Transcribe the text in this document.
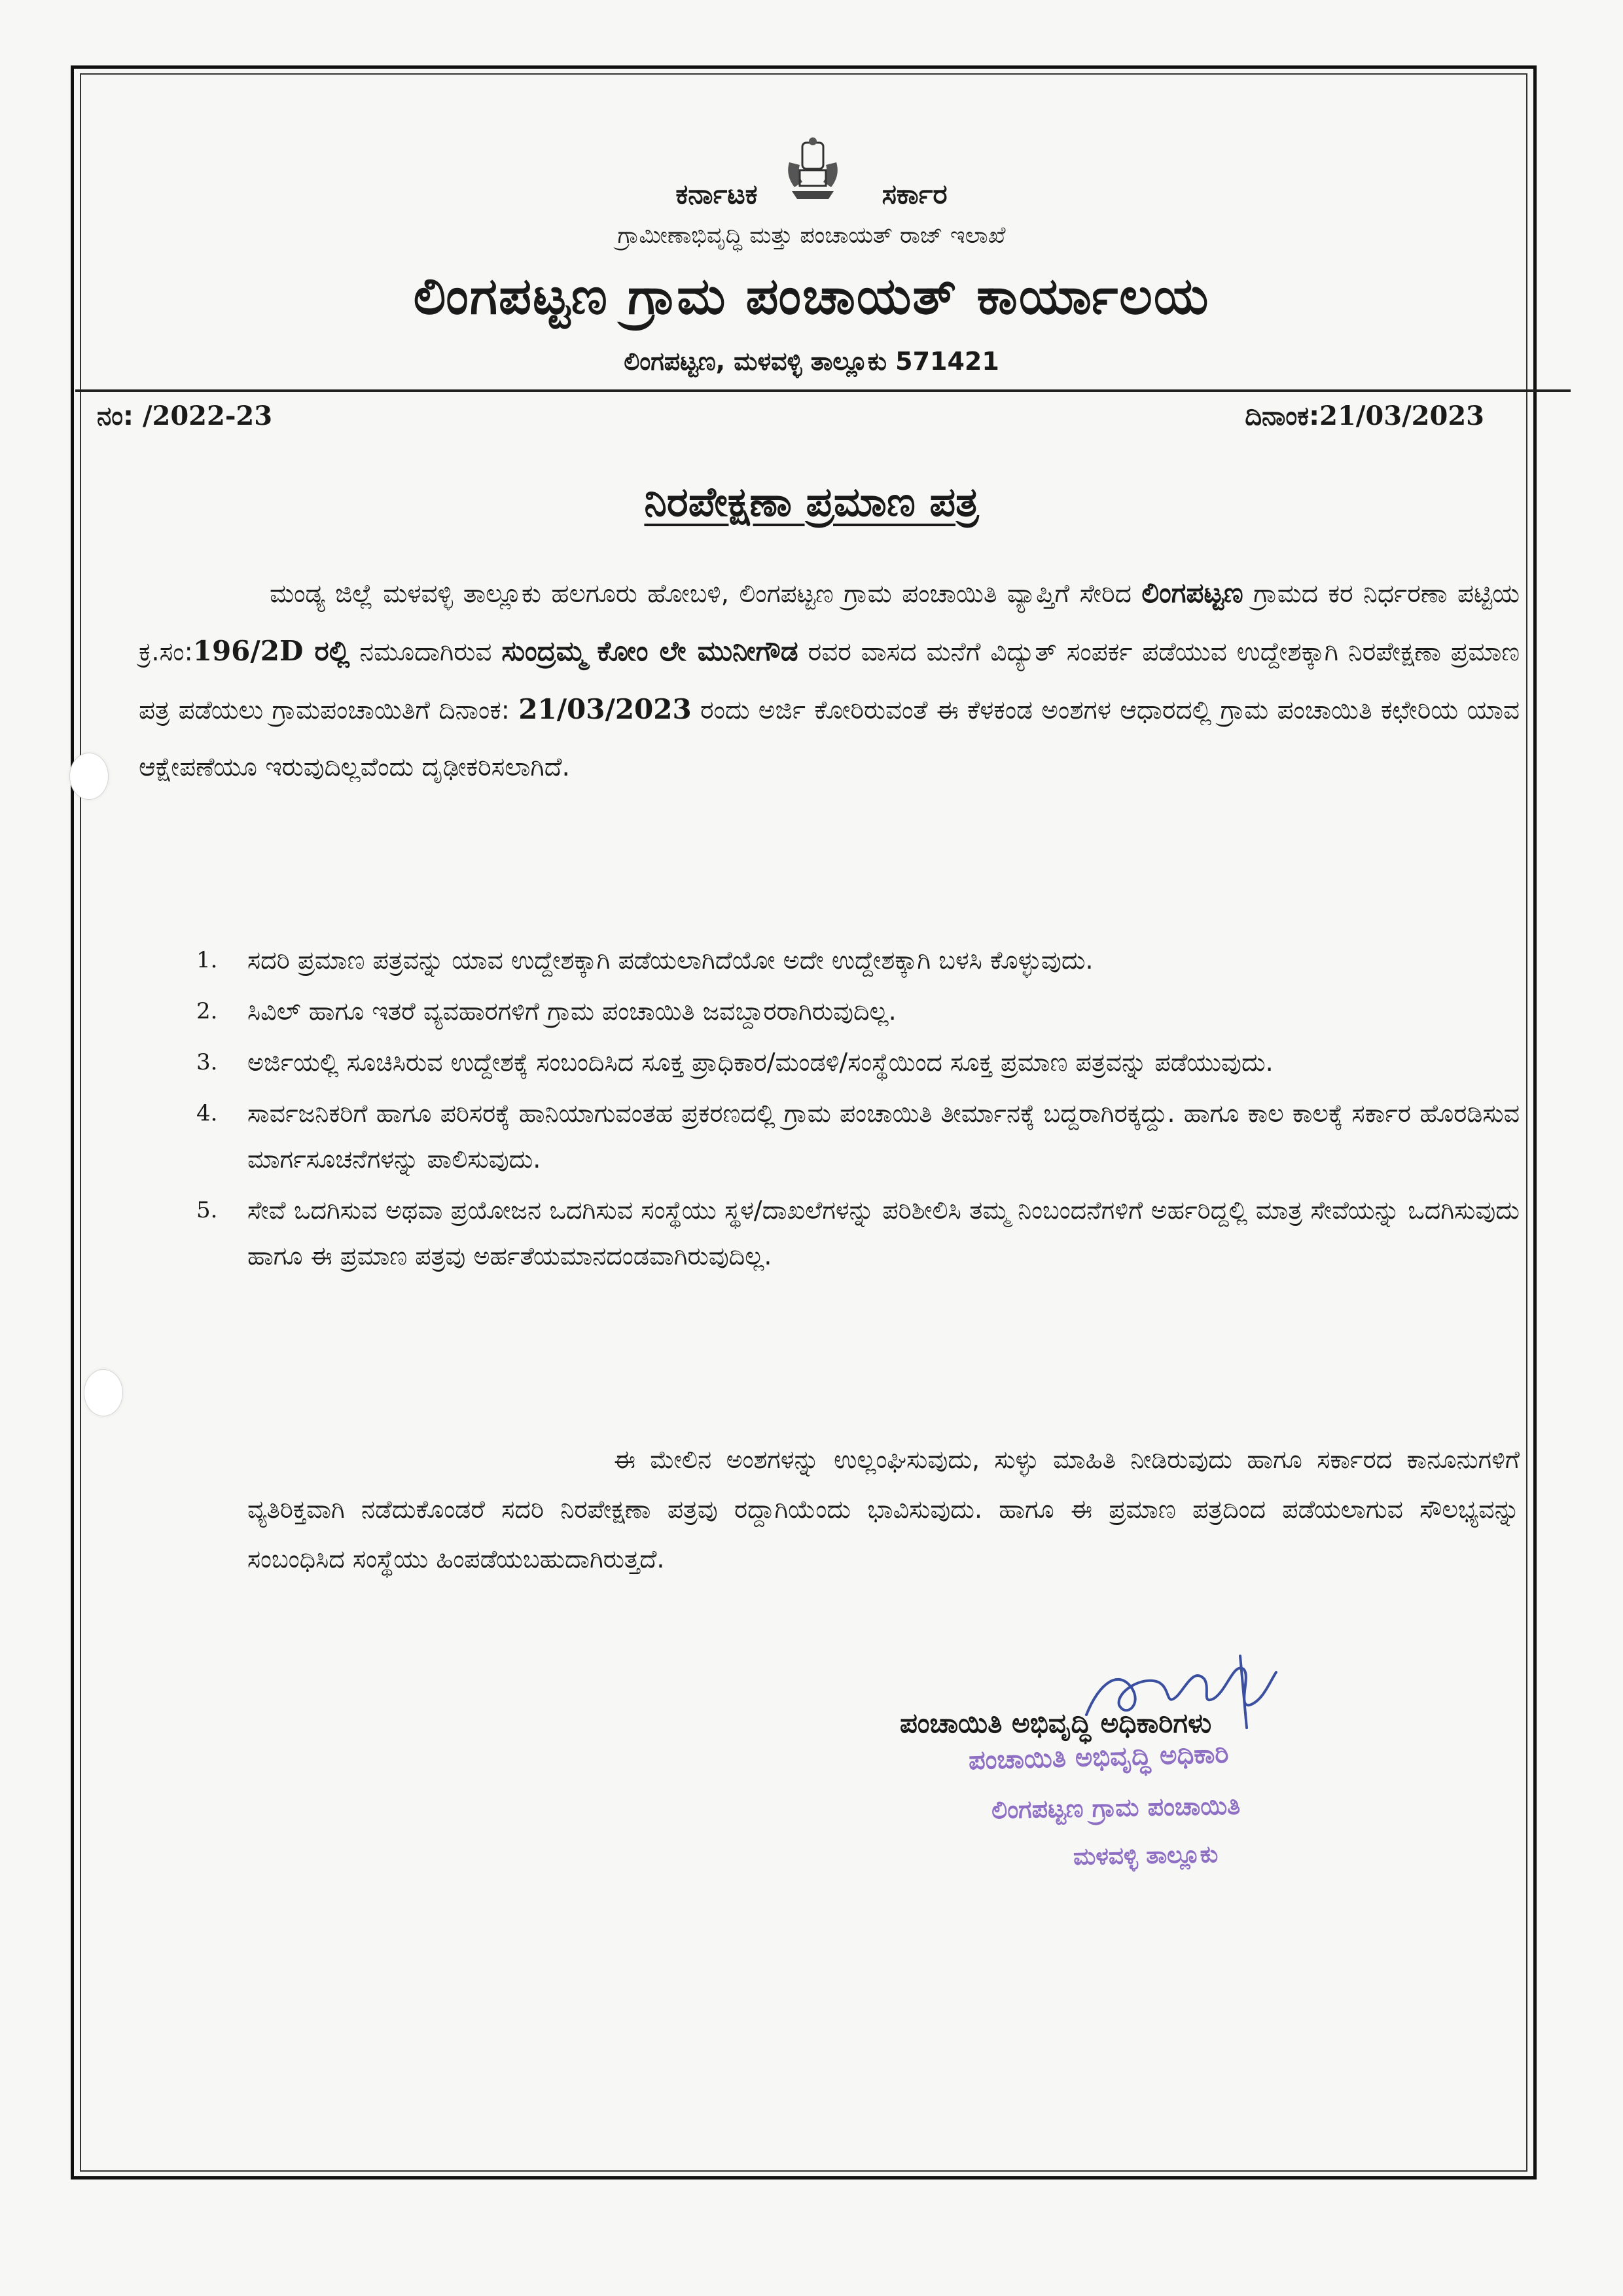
ಕರ್ನಾಟಕ	ಸರ್ಕಾರ
ಗ್ರಾಮೀಣಾಭಿವೃದ್ಧಿ ಮತ್ತು ಪಂಚಾಯತ್ ರಾಜ್ ಇಲಾಖೆ
ಲಿಂಗಪಟ್ಟಣ ಗ್ರಾಮ ಪಂಚಾಯತ್ ಕಾರ್ಯಾಲಯ
ಲಿಂಗಪಟ್ಟಣ, ಮಳವಳ್ಳಿ ತಾಲ್ಲೂಕು 571421
ನಂ: /2022-23	ದಿನಾಂಕ:21/03/2023
ನಿರಪೇಕ್ಷಣಾ ಪ್ರಮಾಣ ಪತ್ರ
ಮಂಡ್ಯ ಜಿಲ್ಲೆ ಮಳವಳ್ಳಿ ತಾಲ್ಲೂಕು ಹಲಗೂರು ಹೋಬಳಿ, ಲಿಂಗಪಟ್ಟಣ ಗ್ರಾಮ ಪಂಚಾಯಿತಿ ವ್ಯಾಪ್ತಿಗೆ ಸೇರಿದ ಲಿಂಗಪಟ್ಟಣ ಗ್ರಾಮದ ಕರ ನಿರ್ಧರಣಾ ಪಟ್ಟಿಯ ಕ್ರ.ಸಂ:196/2D ರಲ್ಲಿ ನಮೂದಾಗಿರುವ ಸುಂದ್ರಮ್ಮ ಕೋಂ ಲೇ ಮುನೀಗೌಡ ರವರ ವಾಸದ ಮನೆಗೆ ವಿದ್ಯುತ್ ಸಂಪರ್ಕ ಪಡೆಯುವ ಉದ್ದೇಶಕ್ಕಾಗಿ ನಿರಪೇಕ್ಷಣಾ ಪ್ರಮಾಣ ಪತ್ರ ಪಡೆಯಲು ಗ್ರಾಮಪಂಚಾಯಿತಿಗೆ ದಿನಾಂಕ: 21/03/2023 ರಂದು ಅರ್ಜಿ ಕೋರಿರುವಂತೆ ಈ ಕೆಳಕಂಡ ಅಂಶಗಳ ಆಧಾರದಲ್ಲಿ ಗ್ರಾಮ ಪಂಚಾಯಿತಿ ಕಛೇರಿಯ ಯಾವ ಆಕ್ಷೇಪಣೆಯೂ ಇರುವುದಿಲ್ಲವೆಂದು ದೃಢೀಕರಿಸಲಾಗಿದೆ.
1. ಸದರಿ ಪ್ರಮಾಣ ಪತ್ರವನ್ನು ಯಾವ ಉದ್ದೇಶಕ್ಕಾಗಿ ಪಡೆಯಲಾಗಿದೆಯೋ ಅದೇ ಉದ್ದೇಶಕ್ಕಾಗಿ ಬಳಸಿ ಕೊಳ್ಳುವುದು.
2. ಸಿವಿಲ್ ಹಾಗೂ ಇತರೆ ವ್ಯವಹಾರಗಳಿಗೆ ಗ್ರಾಮ ಪಂಚಾಯಿತಿ ಜವಬ್ದಾರರಾಗಿರುವುದಿಲ್ಲ.
3. ಅರ್ಜಿಯಲ್ಲಿ ಸೂಚಿಸಿರುವ ಉದ್ದೇಶಕ್ಕೆ ಸಂಬಂದಿಸಿದ ಸೂಕ್ತ ಪ್ರಾಧಿಕಾರ/ಮಂಡಳಿ/ಸಂಸ್ಥೆಯಿಂದ ಸೂಕ್ತ ಪ್ರಮಾಣ ಪತ್ರವನ್ನು ಪಡೆಯುವುದು.
4. ಸಾರ್ವಜನಿಕರಿಗೆ ಹಾಗೂ ಪರಿಸರಕ್ಕೆ ಹಾನಿಯಾಗುವಂತಹ ಪ್ರಕರಣದಲ್ಲಿ ಗ್ರಾಮ ಪಂಚಾಯಿತಿ ತೀರ್ಮಾನಕ್ಕೆ ಬದ್ದರಾಗಿರಕ್ಕದ್ದು. ಹಾಗೂ ಕಾಲ ಕಾಲಕ್ಕೆ ಸರ್ಕಾರ ಹೊರಡಿಸುವ ಮಾರ್ಗಸೂಚನೆಗಳನ್ನು ಪಾಲಿಸುವುದು.
5. ಸೇವೆ ಒದಗಿಸುವ ಅಥವಾ ಪ್ರಯೋಜನ ಒದಗಿಸುವ ಸಂಸ್ಥೆಯು ಸ್ಥಳ/ದಾಖಲೆಗಳನ್ನು ಪರಿಶೀಲಿಸಿ ತಮ್ಮ ನಿಂಬಂದನೆಗಳಿಗೆ ಅರ್ಹರಿದ್ದಲ್ಲಿ ಮಾತ್ರ ಸೇವೆಯನ್ನು ಒದಗಿಸುವುದು ಹಾಗೂ ಈ ಪ್ರಮಾಣ ಪತ್ರವು ಅರ್ಹತೆಯಮಾನದಂಡವಾಗಿರುವುದಿಲ್ಲ.
ಈ ಮೇಲಿನ ಅಂಶಗಳನ್ನು ಉಲ್ಲಂಘಿಸುವುದು, ಸುಳ್ಳು ಮಾಹಿತಿ ನೀಡಿರುವುದು ಹಾಗೂ ಸರ್ಕಾರದ ಕಾನೂನುಗಳಿಗೆ ವ್ಯತಿರಿಕ್ತವಾಗಿ ನಡೆದುಕೊಂಡರೆ ಸದರಿ ನಿರಪೇಕ್ಷಣಾ ಪತ್ರವು ರದ್ದಾಗಿಯೆಂದು ಭಾವಿಸುವುದು. ಹಾಗೂ ಈ ಪ್ರಮಾಣ ಪತ್ರದಿಂದ ಪಡೆಯಲಾಗುವ ಸೌಲಭ್ಯವನ್ನು ಸಂಬಂಧಿಸಿದ ಸಂಸ್ಥೆಯು ಹಿಂಪಡೆಯಬಹುದಾಗಿರುತ್ತದೆ.
ಪಂಚಾಯಿತಿ ಅಭಿವೃದ್ಧಿ ಅಧಿಕಾರಿಗಳು
ಪಂಚಾಯಿತಿ ಅಭಿವೃದ್ಧಿ ಅಧಿಕಾರಿ
ಲಿಂಗಪಟ್ಟಣ ಗ್ರಾಮ ಪಂಚಾಯಿತಿ
ಮಳವಳ್ಳಿ ತಾಲ್ಲೂಕು
